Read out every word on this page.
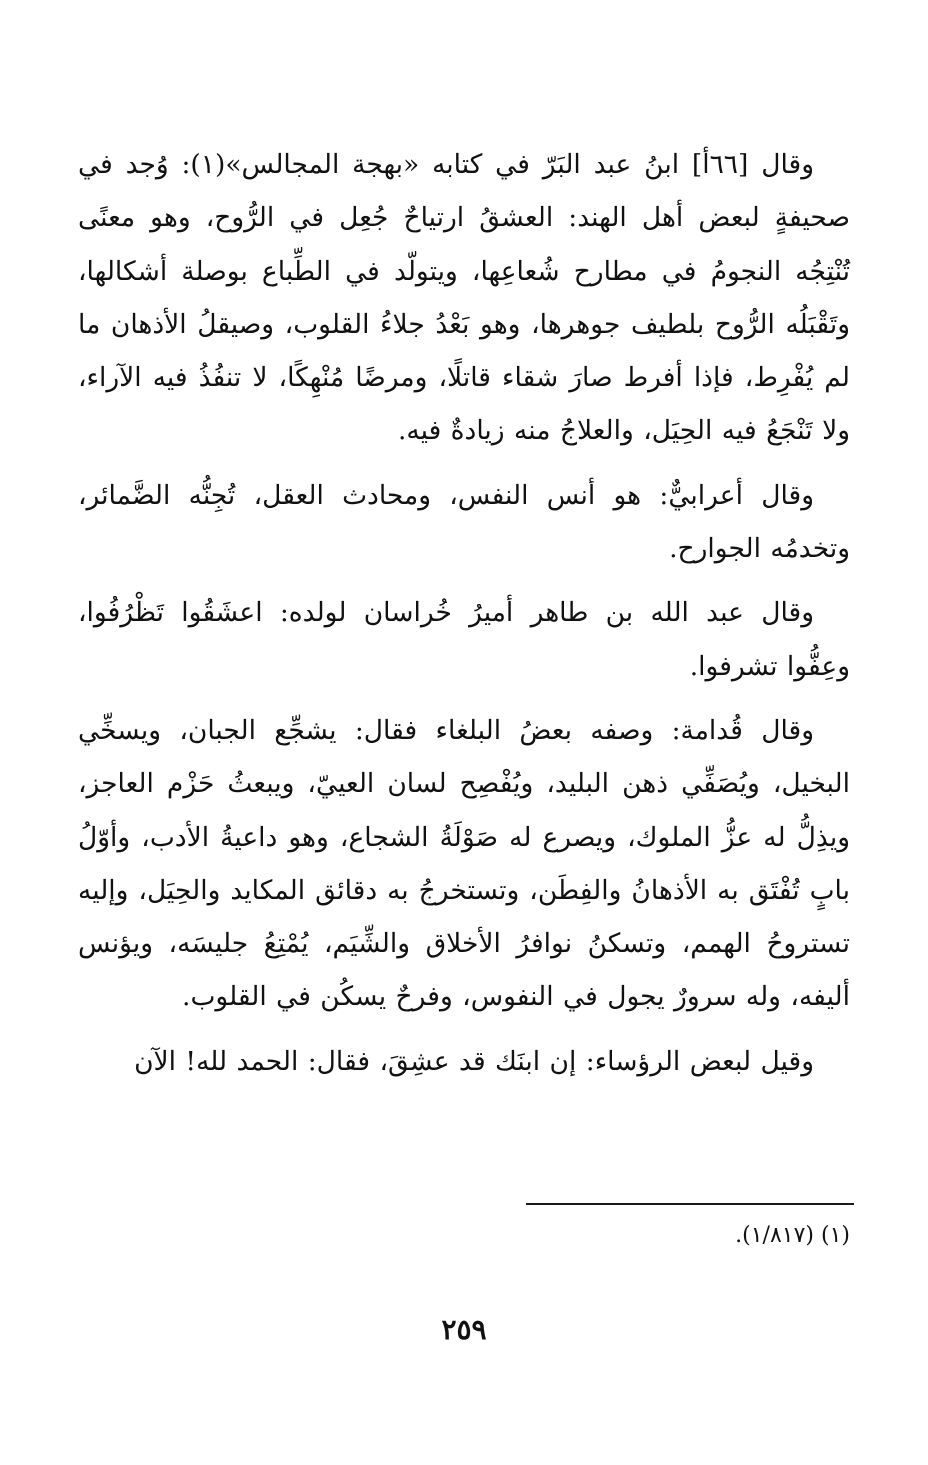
وقال [٦٦أ] ابنُ عبد البَرّ في كتابه «بهجة المجالس»(١): وُجد في صحيفةٍ لبعض أهل الهند: العشقُ ارتياحٌ جُعِل في الرُّوح، وهو معنًى تُنْتِجُه النجومُ في مطارح شُعاعِها، ويتولّد في الطِّباع بوصلة أشكالها، وتَقْبَلُه الرُّوح بلطيف جوهرها، وهو بَعْدُ جلاءُ القلوب، وصيقلُ الأذهان ما لم يُفْرِط، فإذا أفرط صارَ شقاء قاتلًا، ومرضًا مُنْهِكًا، لا تنفُذُ فيه الآراء، ولا تَنْجَعُ فيه الحِيَل، والعلاجُ منه زيادةٌ فيه.

وقال أعرابيٌّ: هو أنس النفس، ومحادث العقل، تُجِنُّه الضَّمائر، وتخدمُه الجوارح.

وقال عبد الله بن طاهر أميرُ خُراسان لولده: اعشَقُوا تَظْرُفُوا، وعِفُّوا تشرفوا.

وقال قُدامة: وصفه بعضُ البلغاء فقال: يشجِّع الجبان، ويسخِّي البخيل، ويُصَفِّي ذهن البليد، ويُفْصِح لسان العييّ، ويبعثُ حَزْم العاجز، ويذِلُّ له عزُّ الملوك، ويصرع له صَوْلَةُ الشجاع، وهو داعيةُ الأدب، وأوّلُ بابٍ تُفْتَق به الأذهانُ والفِطَن، وتستخرجُ به دقائق المكايد والحِيَل، وإليه تستروحُ الهمم، وتسكنُ نوافرُ الأخلاق والشِّيَم، يُمْتِعُ جليسَه، ويؤنس أليفه، وله سرورٌ يجول في النفوس، وفرحٌ يسكُن في القلوب.

وقيل لبعض الرؤساء: إن ابنَك قد عشِقَ، فقال: الحمد لله! الآن

(١) (١/٨١٧).
٢٥٩
